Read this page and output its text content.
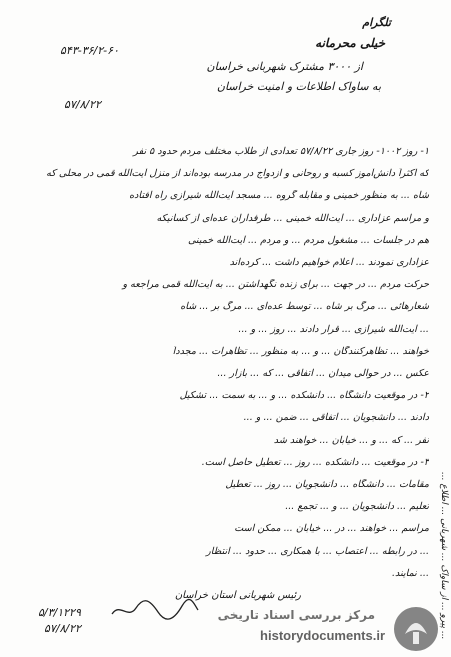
تلگرام
خیلی محرمانه
از ۳۰۰۰ مشترک شهربانی خراسان
به ساواک اطلاعات و امنیت خراسان
۵۴۳-۳۶/۲-۶۰
۵۷/۸/۲۲
۱- روز ۱۰۰۲- روز جاری ۵۷/۸/۲۲ تعدادی از طلاب مختلف مردم حدود ۵ نفر
که اکثراً دانش‌آموز کسبه و روحانی و ازدواج در مدرسه بوده‌اند از منزل آیت‌الله قمی در محلی که
شاه ... به منظور خمینی و مقابله گروه ... مسجد آیت‌الله شیرازی راه افتاده
و مراسم عزاداری ... آیت‌الله خمینی ... طرفداران عده‌ای از کسانیکه
هم در جلسات ... مشغول مردم ... و مردم ... آیت‌الله خمینی
عزاداری نمودند ... اعلام خواهیم داشت ... کرده‌اند
حرکت مردم ... در جهت ... برای زنده نگهداشتن ... به آیت‌الله قمی مراجعه و
شعارهائی ... مرگ بر شاه ... توسط عده‌ای ... مرگ بر ... شاه
... آیت‌الله شیرازی ... قرار دادند ... روز ... و ...
خواهند ... تظاهرکنندگان ... و ... به منظور ... تظاهرات ... مجدداً
عکس ... در حوالی میدان ... اتفاقی ... که ... بازار ...
۲- در موقعیت دانشگاه ... دانشکده ... و ... به سمت ... تشکیل
دادند ... دانشجویان ... اتفاقی ... ضمن ... و ...
نفر ... که ... و ... خیابان ... خواهند شد
۳- در موقعیت ... دانشکده ... روز ... تعطیل حاصل است.
مقامات ... دانشگاه ... دانشجویان ... روز ... تعطیل
تعلیم ... دانشجویان ... و ... تجمع ...
مراسم ... خواهند ... در ... خیابان ... ممکن است
... در رابطه ... اعتصاب ... با همکاری ... حدود ... انتظار
... نمایند.	... پیرو ... از ساواک ... شهربانی ... اطلاع ...
رئیس شهربانی استان خراسان
۵/۳/۱۲۲۹
۵۷/۸/۲۲
مرکز بررسی اسناد تاریخی
historydocuments.ir
